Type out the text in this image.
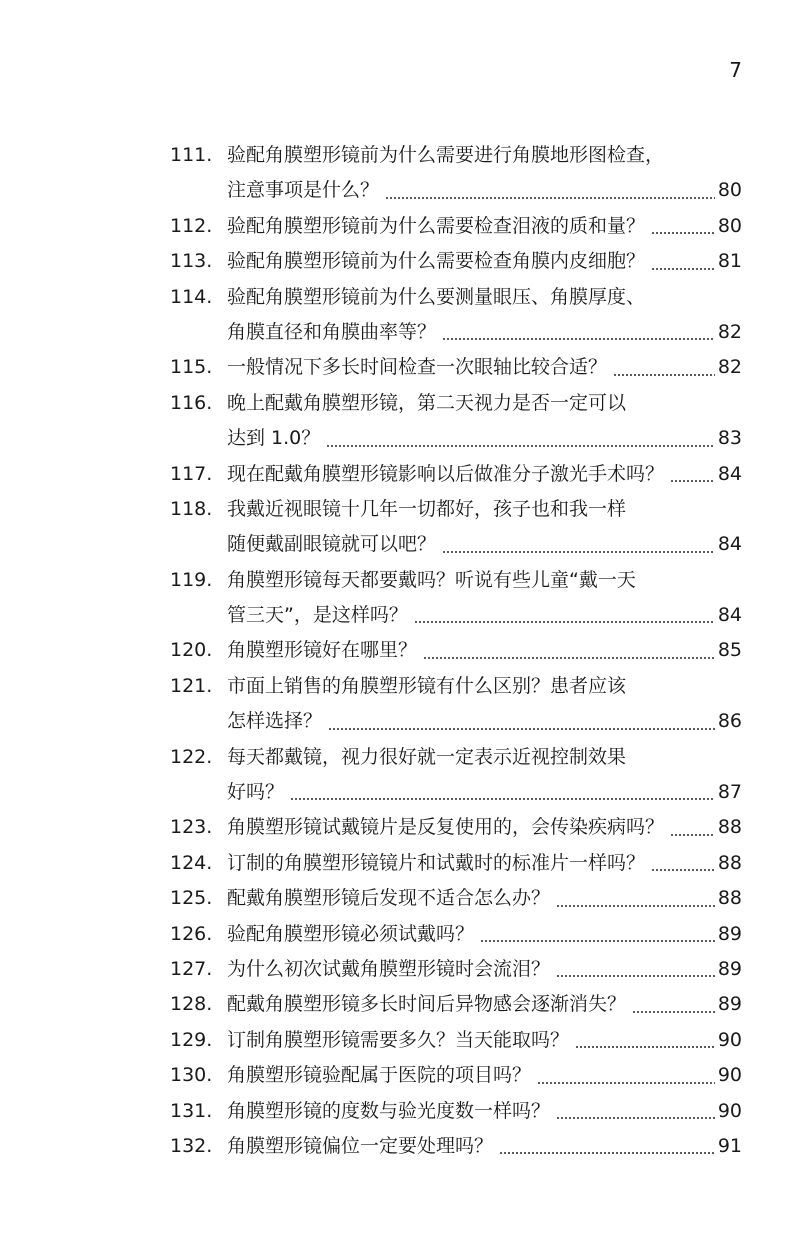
7
111. 验配角膜塑形镜前为什么需要进行角膜地形图检查，
注意事项是什么？	80
112. 验配角膜塑形镜前为什么需要检查泪液的质和量？	80
113. 验配角膜塑形镜前为什么需要检查角膜内皮细胞？	81
114. 验配角膜塑形镜前为什么要测量眼压、角膜厚度、
角膜直径和角膜曲率等？	82
115. 一般情况下多长时间检查一次眼轴比较合适？	82
116. 晚上配戴角膜塑形镜，第二天视力是否一定可以
达到 1.0？	83
117. 现在配戴角膜塑形镜影响以后做准分子激光手术吗？	84
118. 我戴近视眼镜十几年一切都好，孩子也和我一样
随便戴副眼镜就可以吧？	84
119. 角膜塑形镜每天都要戴吗？听说有些儿童“戴一天
管三天”，是这样吗？	84
120. 角膜塑形镜好在哪里？	85
121. 市面上销售的角膜塑形镜有什么区别？患者应该
怎样选择？	86
122. 每天都戴镜，视力很好就一定表示近视控制效果
好吗？	87
123. 角膜塑形镜试戴镜片是反复使用的，会传染疾病吗？	88
124. 订制的角膜塑形镜镜片和试戴时的标准片一样吗？	88
125. 配戴角膜塑形镜后发现不适合怎么办？	88
126. 验配角膜塑形镜必须试戴吗？	89
127. 为什么初次试戴角膜塑形镜时会流泪？	89
128. 配戴角膜塑形镜多长时间后异物感会逐渐消失？	89
129. 订制角膜塑形镜需要多久？当天能取吗？	90
130. 角膜塑形镜验配属于医院的项目吗？	90
131. 角膜塑形镜的度数与验光度数一样吗？	90
132. 角膜塑形镜偏位一定要处理吗？	91
